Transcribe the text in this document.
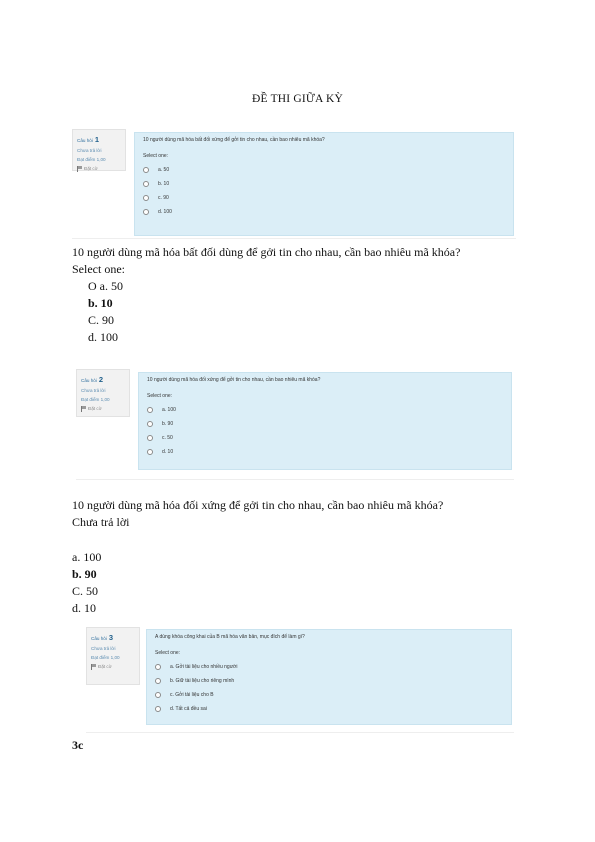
ĐỀ THI GIỮA KỲ
Câu hỏi 1
Chưa trả lời
Đạt điểm 1,00
Đặt cờ
10 người dùng mã hóa bất đối xứng để gởi tin cho nhau, cần bao nhiêu mã khóa?
Select one:
a. 50
b. 10
c. 90
d. 100
10 người dùng mã hóa bất đối dùng để gởi tin cho nhau, cần bao nhiêu mã khóa?
Select one:
O a. 50
b. 10
C. 90
d. 100
Câu hỏi 2
Chưa trả lời
Đạt điểm 1,00
Đặt cờ
10 người dùng mã hóa đối xứng để gởi tin cho nhau, cần bao nhiêu mã khóa?
Select one:
a. 100
b. 90
c. 50
d. 10
10 người dùng mã hóa đối xứng để gởi tin cho nhau, cần bao nhiêu mã khóa?
Chưa trả lời
a. 100
b. 90
C. 50
d. 10
Câu hỏi 3
Chưa trả lời
Đạt điểm 1,00
Đặt cờ
A dùng khóa công khai của B mã hóa văn bản, mục đích để làm gì?
Select one:
a. Gởi tài liệu cho nhiều người
b. Giữ tài liệu cho riêng mình
c. Gởi tài liệu cho B
d. Tất cả đều sai
3c
